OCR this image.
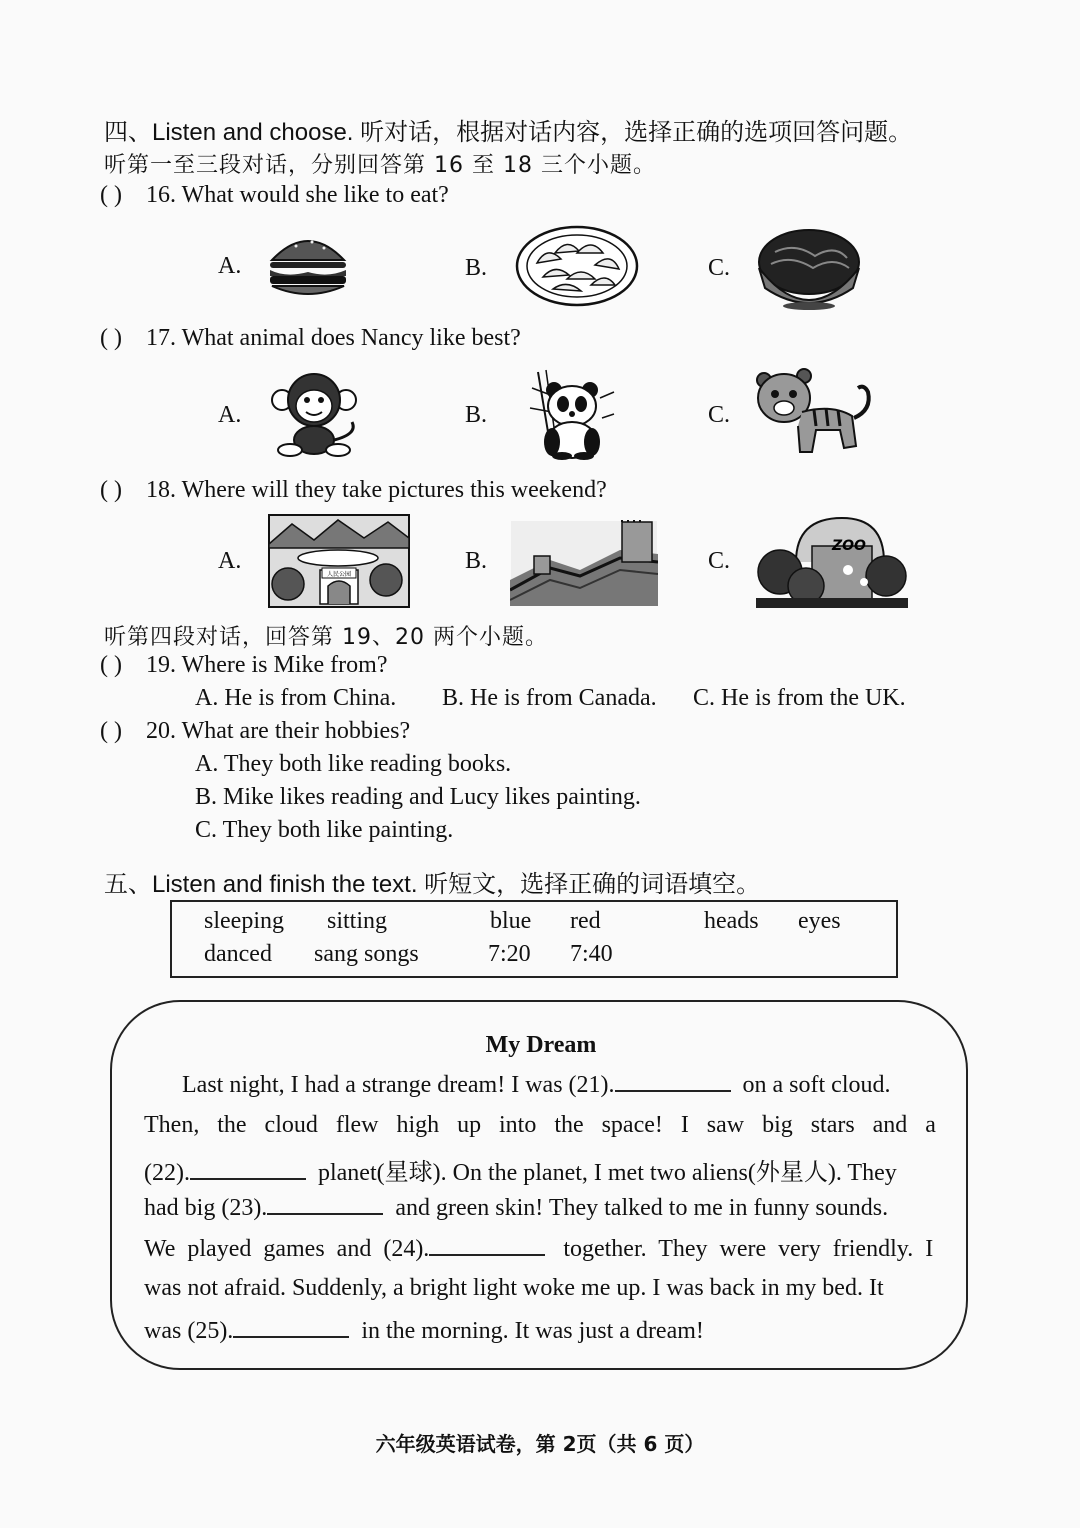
四、Listen and choose. 听对话，根据对话内容，选择正确的选项回答问题。
听第一至三段对话，分别回答第 16 至 18 三个小题。
( ) 16. What would she like to eat?
A.	B.	C.
( ) 17. What animal does Nancy like best?
A.	B.	C.
( ) 18. Where will they take pictures this weekend?
A.	B.	C.
人民公园
ZOO
听第四段对话，回答第 19、20 两个小题。
( ) 19. Where is Mike from?
A. He is from China. B. He is from Canada. C. He is from the UK.
( ) 20. What are their hobbies?
A. They both like reading books.
B. Mike likes reading and Lucy likes painting.
C. They both like painting.
五、Listen and finish the text. 听短文，选择正确的词语填空。
sleeping sitting	blue red	heads eyes
danced sang songs	7:20 7:40
My Dream
Last night, I had a strange dream! I was (21).	on a soft cloud.
Then, the cloud flew high up into the space! I saw big stars and a
(22).	planet(星球). On the planet, I met two aliens(外星人). They
had big (23).	and green skin! They talked to me in funny sounds.
We played games and (24).	together. They were very friendly. I
was not afraid. Suddenly, a bright light woke me up. I was back in my bed. It
was (25).	in the morning. It was just a dream!
六年级英语试卷，第 2页（共 6 页）
